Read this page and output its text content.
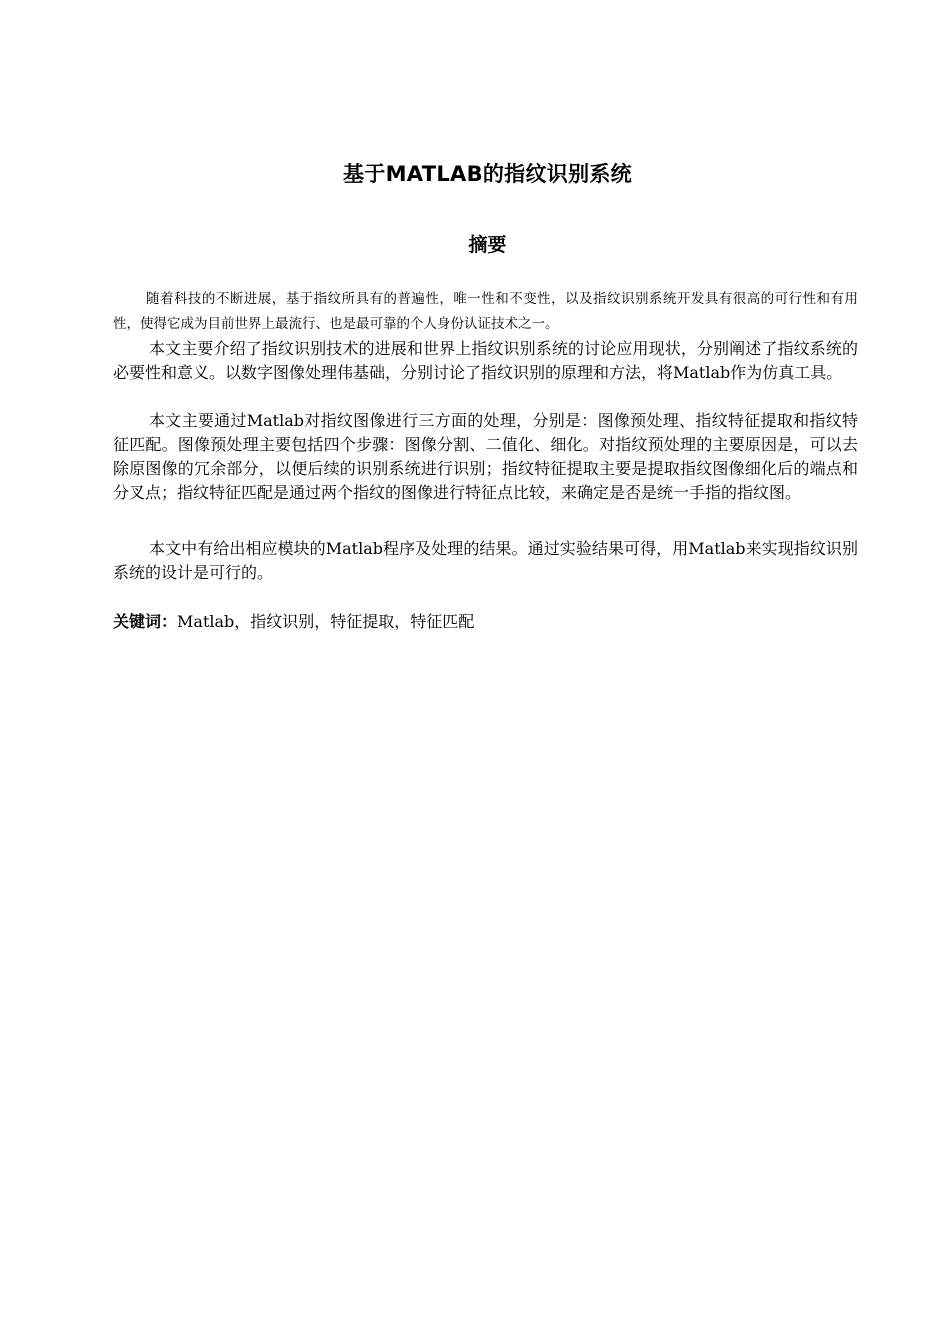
基于MATLAB的指纹识别系统
摘要

随着科技的不断进展，基于指纹所具有的普遍性，唯一性和不变性，以及指纹识别系统开发具有很高的可行性和有用性，使得它成为目前世界上最流行、也是最可靠的个人身份认证技术之一。

本文主要介绍了指纹识别技术的进展和世界上指纹识别系统的讨论应用现状，分别阐述了指纹系统的必要性和意义。以数字图像处理伟基础，分别讨论了指纹识别的原理和方法，将Matlab作为仿真工具。

本文主要通过Matlab对指纹图像进行三方面的处理，分别是：图像预处理、指纹特征提取和指纹特征匹配。图像预处理主要包括四个步骤：图像分割、二值化、细化。对指纹预处理的主要原因是，可以去除原图像的冗余部分，以便后续的识别系统进行识别；指纹特征提取主要是提取指纹图像细化后的端点和分叉点；指纹特征匹配是通过两个指纹的图像进行特征点比较，来确定是否是统一手指的指纹图。

本文中有给出相应模块的Matlab程序及处理的结果。通过实验结果可得，用Matlab来实现指纹识别系统的设计是可行的。

关键词：Matlab，指纹识别，特征提取，特征匹配
